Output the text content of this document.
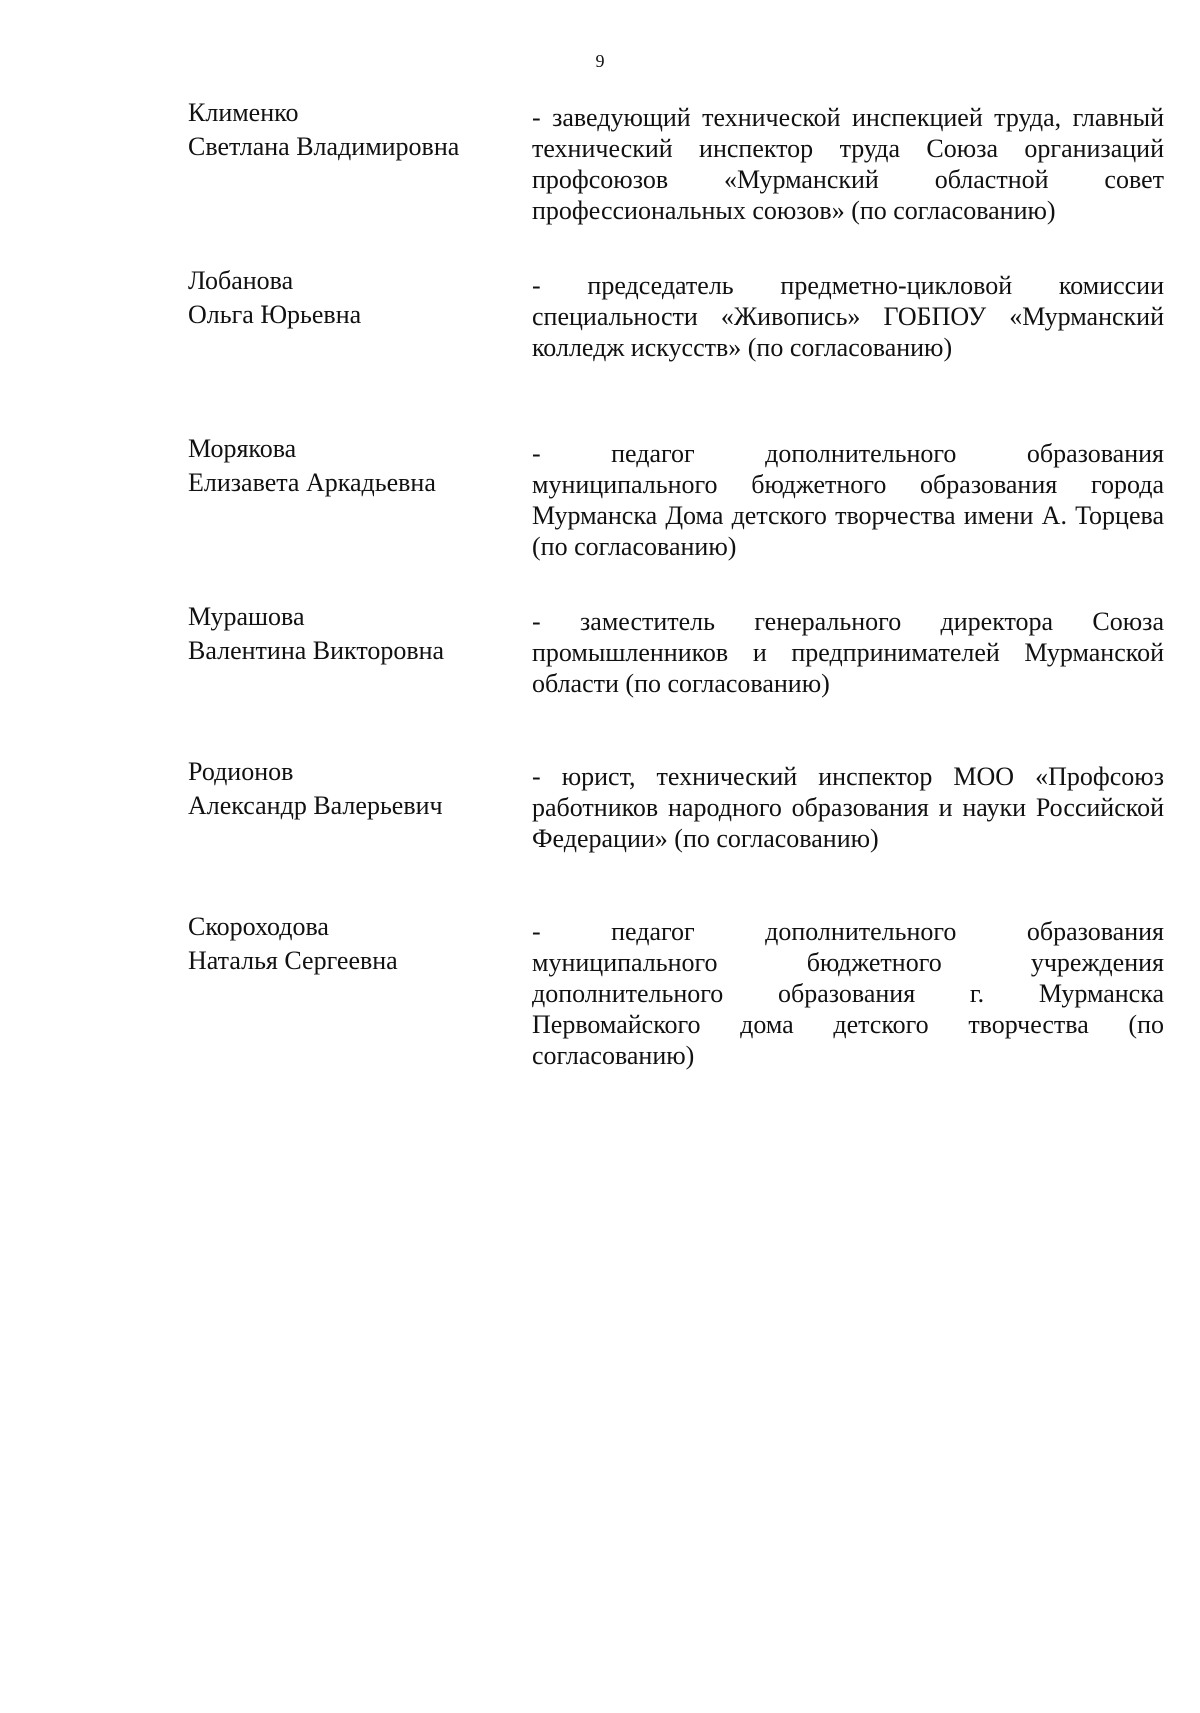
9
Клименко
Светлана Владимировна
- заведующий технической инспекцией труда, главный технический инспектор труда Союза организаций профсоюзов «Мурманский областной совет профессиональных союзов» (по согласованию)
Лобанова
Ольга Юрьевна
- председатель предметно-цикловой комиссии специальности «Живопись» ГОБПОУ «Мурманский колледж искусств» (по согласованию)
Морякова
Елизавета Аркадьевна
- педагог дополнительного образования муниципального бюджетного образования города Мурманска Дома детского творчества имени А. Торцева (по согласованию)
Мурашова
Валентина Викторовна
- заместитель генерального директора Союза промышленников и предпринимателей Мурманской области (по согласованию)
Родионов
Александр Валерьевич
- юрист, технический инспектор МОО «Профсоюз работников народного образования и науки Российской Федерации» (по согласованию)
Скороходова
Наталья Сергеевна
- педагог дополнительного образования муниципального бюджетного учреждения дополнительного образования г. Мурманска Первомайского дома детского творчества (по согласованию)
